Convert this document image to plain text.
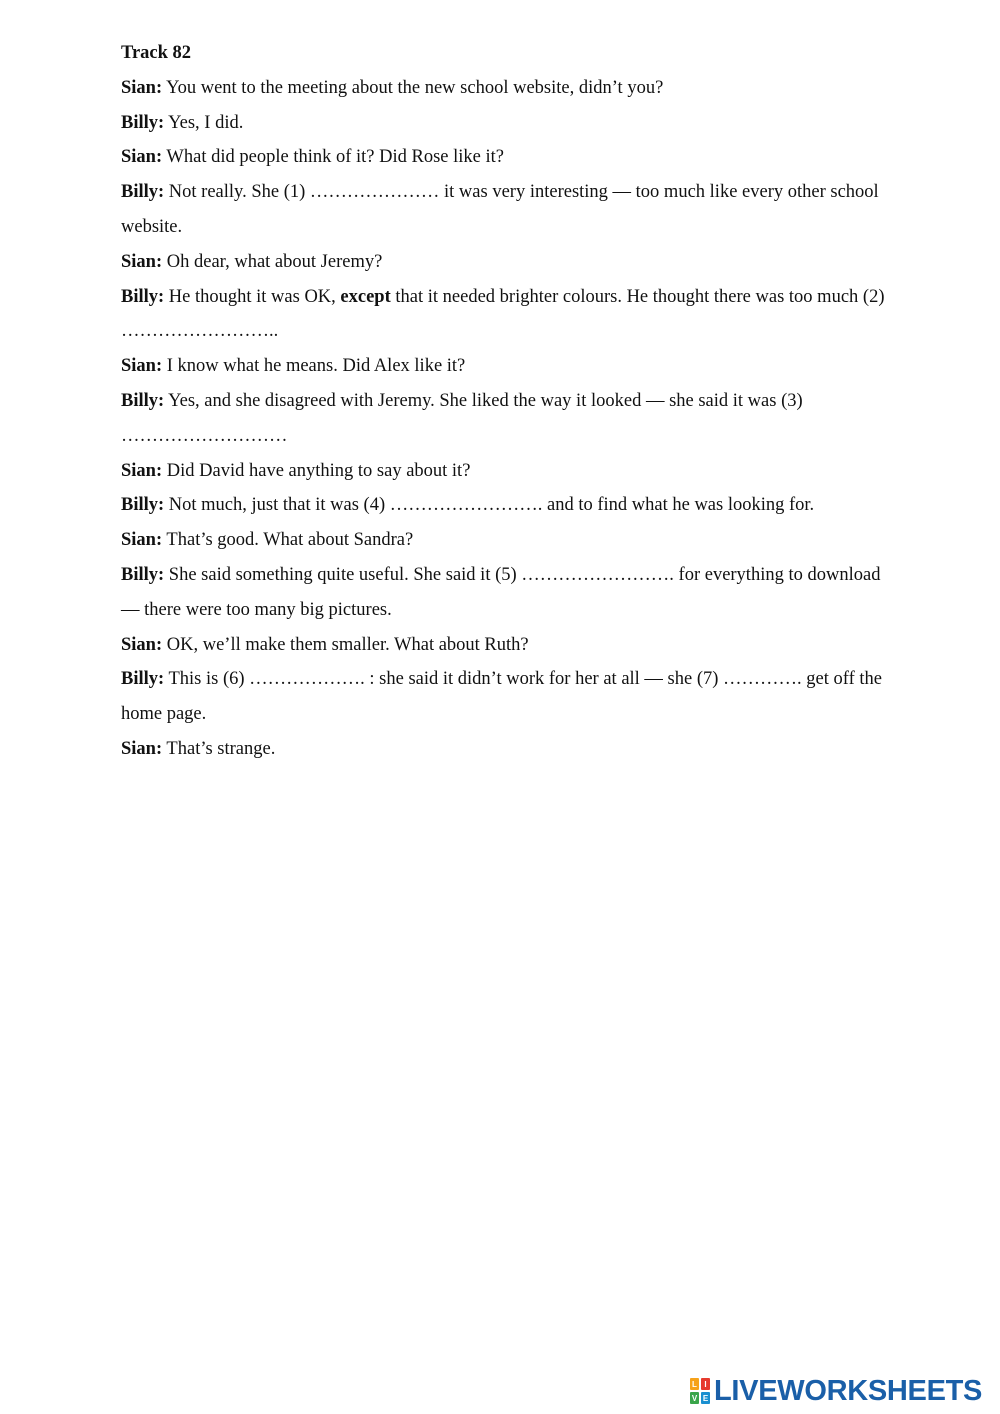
Track 82

Sian: You went to the meeting about the new school website, didn’t you?

Billy: Yes, I did.

Sian: What did people think of it? Did Rose like it?

Billy: Not really. She (1) ………………… it was very interesting — too much like every other school website.

Sian: Oh dear, what about Jeremy?

Billy: He thought it was OK, except that it needed brighter colours. He thought there was too much (2) ……………………..

Sian: I know what he means. Did Alex like it?

Billy: Yes, and she disagreed with Jeremy. She liked the way it looked — she said it was (3) ………………………

Sian: Did David have anything to say about it?

Billy: Not much, just that it was (4) ……………………. and to find what he was looking for.

Sian: That’s good. What about Sandra?

Billy: She said something quite useful. She said it (5) ……………………. for everything to download — there were too many big pictures.

Sian: OK, we’ll make them smaller. What about Ruth?

Billy: This is (6) ………………. : she said it didn’t work for her at all — she (7) …………. get off the home page.

Sian: That’s strange.

L I
V E LIVEWORKSHEETS
